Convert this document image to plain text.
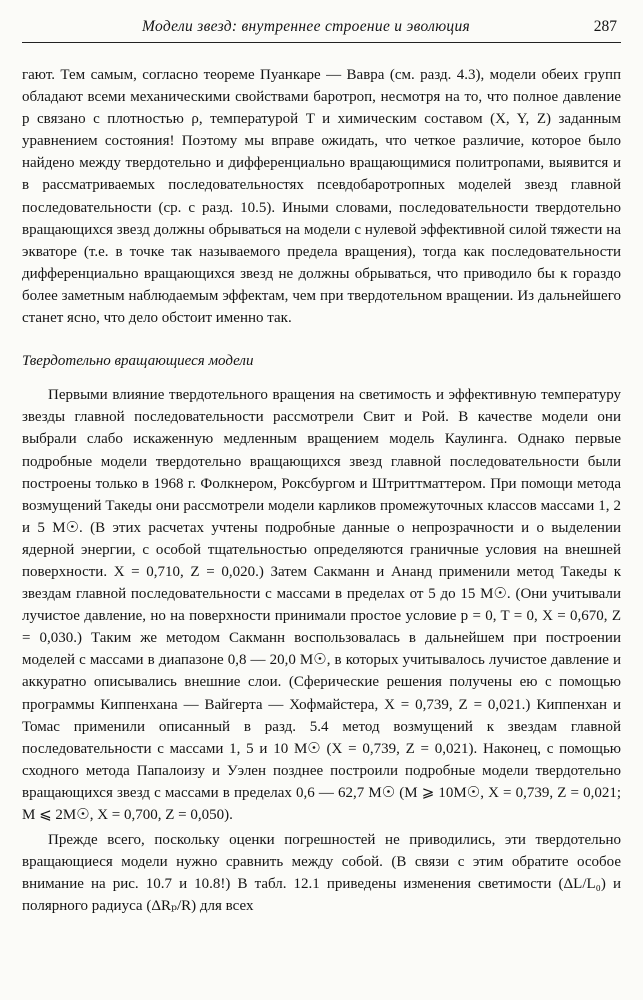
Модели звезд: внутреннее строение и эволюция	287

гают. Тем самым, согласно теореме Пуанкаре — Вавра (см. разд. 4.3), модели обеих групп обладают всеми механическими свойствами баротроп, несмотря на то, что полное давление p связано с плотностью ρ, температурой T и химическим составом (X, Y, Z) заданным уравнением состояния! Поэтому мы вправе ожидать, что четкое различие, которое было найдено между твердотельно и дифференциально вращающимися политропами, выявится и в рассматриваемых последовательностях псевдобаротропных моделей звезд главной последовательности (ср. с разд. 10.5). Иными словами, последовательности твердотельно вращающихся звезд должны обрываться на модели с нулевой эффективной силой тяжести на экваторе (т.е. в точке так называемого предела вращения), тогда как последовательности дифференциально вращающихся звезд не должны обрываться, что приводило бы к гораздо более заметным наблюдаемым эффектам, чем при твердотельном вращении. Из дальнейшего станет ясно, что дело обстоит именно так.

Твердотельно вращающиеся модели

Первыми влияние твердотельного вращения на светимость и эффективную температуру звезды главной последовательности рассмотрели Свит и Рой. В качестве модели они выбрали слабо искаженную медленным вращением модель Каулинга. Однако первые подробные модели твердотельно вращающихся звезд главной последовательности были построены только в 1968 г. Фолкнером, Роксбургом и Штриттматтером. При помощи метода возмущений Такеды они рассмотрели модели карликов промежуточных классов массами 1, 2 и 5 M☉. (В этих расчетах учтены подробные данные о непрозрачности и о выделении ядерной энергии, с особой тщательностью определяются граничные условия на внешней поверхности. X = 0,710, Z = 0,020.) Затем Сакманн и Ананд применили метод Такеды к звездам главной последовательности с массами в пределах от 5 до 15 M☉. (Они учитывали лучистое давление, но на поверхности принимали простое условие p = 0, T = 0, X = 0,670, Z = 0,030.) Таким же методом Сакманн воспользовалась в дальнейшем при построении моделей с массами в диапазоне 0,8 — 20,0 M☉, в которых учитывалось лучистое давление и аккуратно описывались внешние слои. (Сферические решения получены ею с помощью программы Киппенхана — Вайгерта — Хофмайстера, X = 0,739, Z = 0,021.) Киппенхан и Томас применили описанный в разд. 5.4 метод возмущений к звездам главной последовательности с массами 1, 5 и 10 M☉ (X = 0,739, Z = 0,021). Наконец, с помощью сходного метода Папалоизу и Уэлен позднее построили подробные модели твердотельно вращающихся звезд с массами в пределах 0,6 — 62,7 M☉ (M ⩾ 10M☉, X = 0,739, Z = 0,021; M ⩽ 2M☉, X = 0,700, Z = 0,050).

Прежде всего, поскольку оценки погрешностей не приводились, эти твердотельно вращающиеся модели нужно сравнить между собой. (В связи с этим обратите особое внимание на рис. 10.7 и 10.8!) В табл. 12.1 приведены изменения светимости (ΔL/L₀) и полярного радиуса (ΔRₚ/R) для всех
